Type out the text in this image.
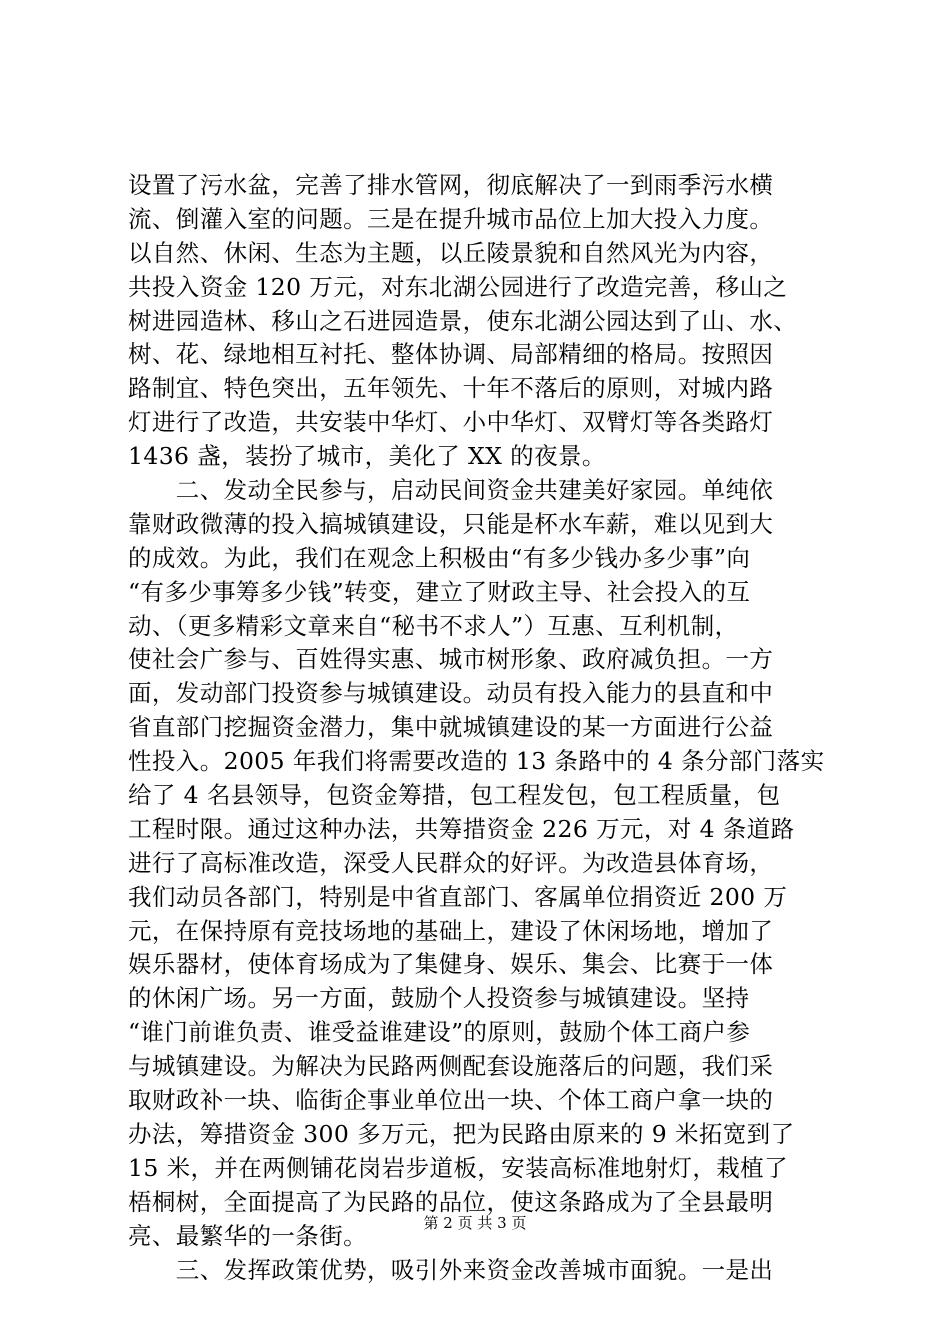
设置了污水盆，完善了排水管网，彻底解决了一到雨季污水横
流、倒灌入室的问题。三是在提升城市品位上加大投入力度。
以自然、休闲、生态为主题，以丘陵景貌和自然风光为内容，
共投入资金 120 万元，对东北湖公园进行了改造完善，移山之
树进园造林、移山之石进园造景，使东北湖公园达到了山、水、
树、花、绿地相互衬托、整体协调、局部精细的格局。按照因
路制宜、特色突出，五年领先、十年不落后的原则，对城内路
灯进行了改造，共安装中华灯、小中华灯、双臂灯等各类路灯
1436 盏，装扮了城市，美化了 XX 的夜景。
　　二、发动全民参与，启动民间资金共建美好家园。单纯依
靠财政微薄的投入搞城镇建设，只能是杯水车薪，难以见到大
的成效。为此，我们在观念上积极由“有多少钱办多少事”向
“有多少事筹多少钱”转变，建立了财政主导、社会投入的互
动、（更多精彩文章来自“秘书不求人”）互惠、互利机制，
使社会广参与、百姓得实惠、城市树形象、政府减负担。一方
面，发动部门投资参与城镇建设。动员有投入能力的县直和中
省直部门挖掘资金潜力，集中就城镇建设的某一方面进行公益
性投入。2005 年我们将需要改造的 13 条路中的 4 条分部门落实
给了 4 名县领导，包资金筹措，包工程发包，包工程质量，包
工程时限。通过这种办法，共筹措资金 226 万元，对 4 条道路
进行了高标准改造，深受人民群众的好评。为改造县体育场，
我们动员各部门，特别是中省直部门、客属单位捐资近 200 万
元，在保持原有竞技场地的基础上，建设了休闲场地，增加了
娱乐器材，使体育场成为了集健身、娱乐、集会、比赛于一体
的休闲广场。另一方面，鼓励个人投资参与城镇建设。坚持
“谁门前谁负责、谁受益谁建设”的原则，鼓励个体工商户参
与城镇建设。为解决为民路两侧配套设施落后的问题，我们采
取财政补一块、临街企事业单位出一块、个体工商户拿一块的
办法，筹措资金 300 多万元，把为民路由原来的 9 米拓宽到了
15 米，并在两侧铺花岗岩步道板，安装高标准地射灯，栽植了
梧桐树，全面提高了为民路的品位，使这条路成为了全县最明
亮、最繁华的一条街。
　　三、发挥政策优势，吸引外来资金改善城市面貌。一是出
第 2 页 共 3 页
